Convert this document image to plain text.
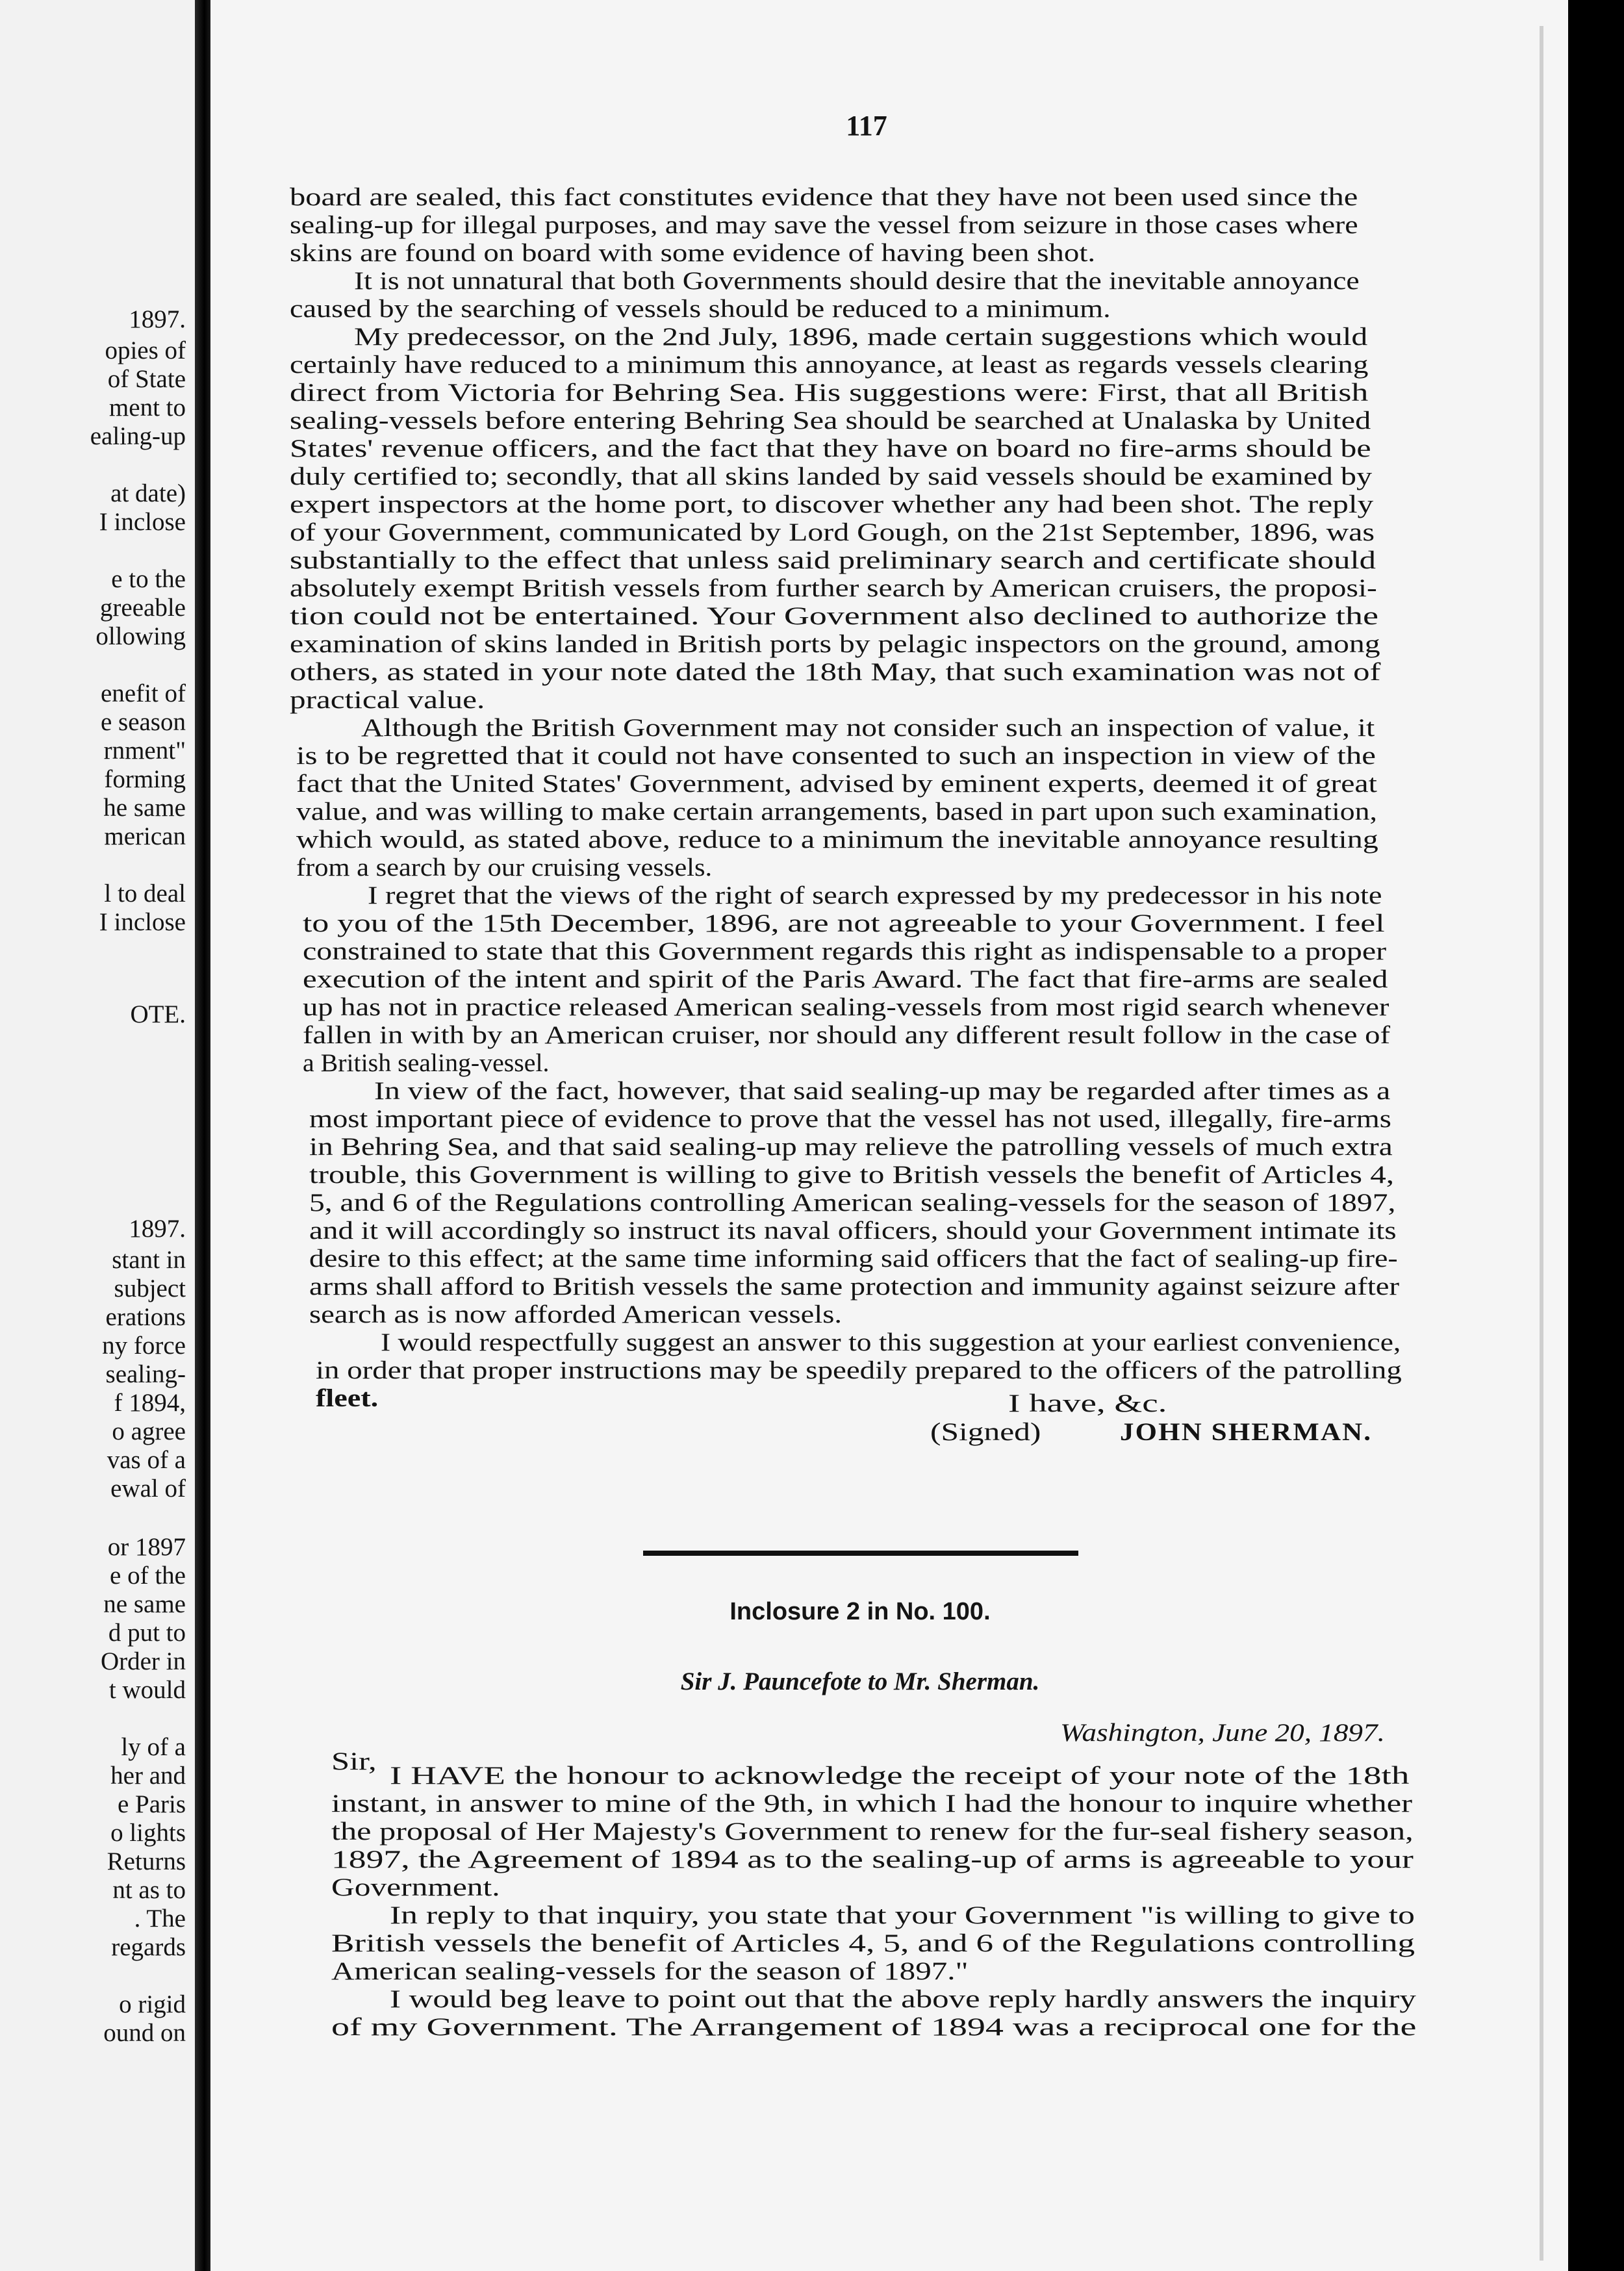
1897.
opies of
of State
ment to
ealing-up
at date)
I inclose
e to the
greeable
ollowing
enefit of
e season
rnment"
forming
he same
merican
l to deal
I inclose
OTE.
1897.
stant in
subject
erations
ny force
sealing-
f 1894,
o agree
vas of a
ewal of
or 1897
e of the
ne same
d put to
Order in
t would
ly of a
her and
e Paris
o lights
Returns
nt as to
. The
regards
o rigid
ound on
117
board are sealed, this fact constitutes evidence that they have not been used since the
sealing-up for illegal purposes, and may save the vessel from seizure in those cases where
skins are found on board with some evidence of having been shot.
It is not unnatural that both Governments should desire that the inevitable annoyance
caused by the searching of vessels should be reduced to a minimum.
My predecessor, on the 2nd July, 1896, made certain suggestions which would
certainly have reduced to a minimum this annoyance, at least as regards vessels clearing
direct from Victoria for Behring Sea. His suggestions were: First, that all British
sealing-vessels before entering Behring Sea should be searched at Unalaska by United
States' revenue officers, and the fact that they have on board no fire-arms should be
duly certified to; secondly, that all skins landed by said vessels should be examined by
expert inspectors at the home port, to discover whether any had been shot. The reply
of your Government, communicated by Lord Gough, on the 21st September, 1896, was
substantially to the effect that unless said preliminary search and certificate should
absolutely exempt British vessels from further search by American cruisers, the proposi-
tion could not be entertained. Your Government also declined to authorize the
examination of skins landed in British ports by pelagic inspectors on the ground, among
others, as stated in your note dated the 18th May, that such examination was not of
practical value.
Although the British Government may not consider such an inspection of value, it
is to be regretted that it could not have consented to such an inspection in view of the
fact that the United States' Government, advised by eminent experts, deemed it of great
value, and was willing to make certain arrangements, based in part upon such examination,
which would, as stated above, reduce to a minimum the inevitable annoyance resulting
from a search by our cruising vessels.
I regret that the views of the right of search expressed by my predecessor in his note
to you of the 15th December, 1896, are not agreeable to your Government. I feel
constrained to state that this Government regards this right as indispensable to a proper
execution of the intent and spirit of the Paris Award. The fact that fire-arms are sealed
up has not in practice released American sealing-vessels from most rigid search whenever
fallen in with by an American cruiser, nor should any different result follow in the case of
a British sealing-vessel.
In view of the fact, however, that said sealing-up may be regarded after times as a
most important piece of evidence to prove that the vessel has not used, illegally, fire-arms
in Behring Sea, and that said sealing-up may relieve the patrolling vessels of much extra
trouble, this Government is willing to give to British vessels the benefit of Articles 4,
5, and 6 of the Regulations controlling American sealing-vessels for the season of 1897,
and it will accordingly so instruct its naval officers, should your Government intimate its
desire to this effect; at the same time informing said officers that the fact of sealing-up fire-
arms shall afford to British vessels the same protection and immunity against seizure after
search as is now afforded American vessels.
I would respectfully suggest an answer to this suggestion at your earliest convenience,
in order that proper instructions may be speedily prepared to the officers of the patrolling
fleet.	I have, &c.
(Signed)	JOHN SHERMAN.
Inclosure 2 in No. 100.
Sir J. Pauncefote to Mr. Sherman.
Washington, June 20, 1897.
Sir,
I HAVE the honour to acknowledge the receipt of your note of the 18th
instant, in answer to mine of the 9th, in which I had the honour to inquire whether
the proposal of Her Majesty's Government to renew for the fur-seal fishery season,
1897, the Agreement of 1894 as to the sealing-up of arms is agreeable to your
Government.
In reply to that inquiry, you state that your Government "is willing to give to
British vessels the benefit of Articles 4, 5, and 6 of the Regulations controlling
American sealing-vessels for the season of 1897."
I would beg leave to point out that the above reply hardly answers the inquiry
of my Government. The Arrangement of 1894 was a reciprocal one for the
